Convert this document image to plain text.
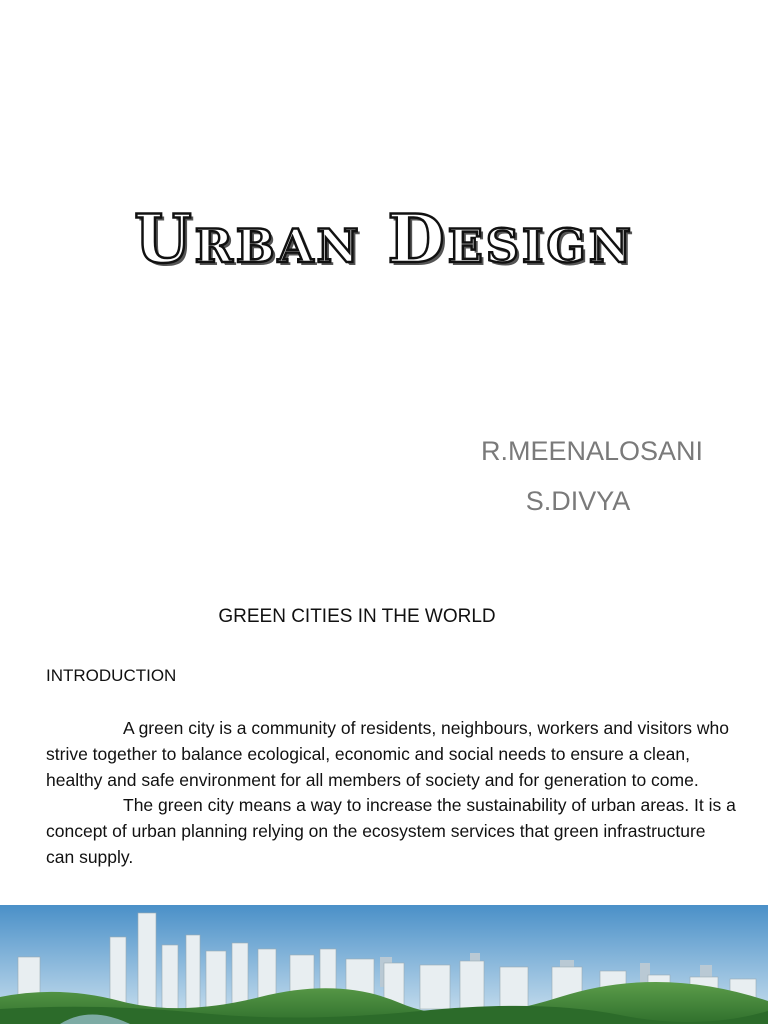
Urban Design
R.MEENALOSANI
S.DIVYA
GREEN CITIES IN THE WORLD
INTRODUCTION

A green city is a community of residents, neighbours, workers and visitors who strive together to balance ecological, economic and social needs to ensure a clean, healthy and safe environment for all members of society and for generation to come.

The green city means a way to increase the sustainability of urban areas. It is a concept of urban planning relying on the ecosystem services that green infrastructure can supply.
